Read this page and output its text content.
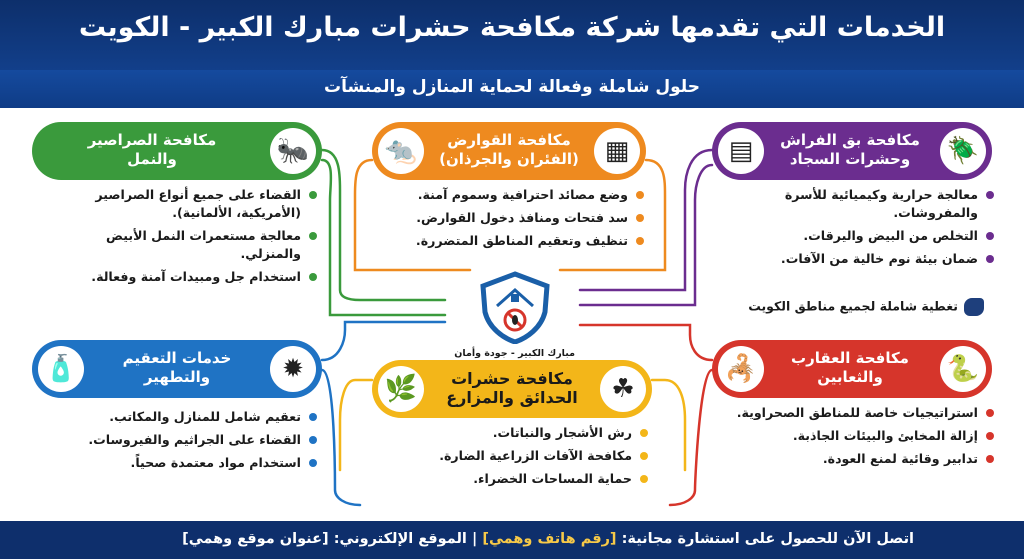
الخدمات التي تقدمها شركة مكافحة حشرات مبارك الكبير - الكويت
حلول شاملة وفعالة لحماية المنازل والمنشآت
مكافحة الصراصير
والنمل	🐜
القضاء على جميع أنواع الصراصير (الأمريكية، الألمانية).
معالجة مستعمرات النمل الأبيض والمنزلي.
استخدام جل ومبيدات آمنة وفعالة.
مكافحة القوارض
(الفئران والجرذان) ▦
🐀
وضع مصائد احترافية وسموم آمنة.
سد فتحات ومنافذ دخول القوارض.
تنظيف وتعقيم المناطق المتضررة.
مكافحة بق الفراش
وحشرات السجاد	🪲
▤
معالجة حرارية وكيميائية للأسرة والمفروشات.
التخلص من البيض واليرقات.
ضمان بيئة نوم خالية من الآفات.
تغطية شاملة لجميع مناطق الكويت
مبارك الكبير - جودة وأمان
خدمات التعقيم
والتطهير	✹
🧴
تعقيم شامل للمنازل والمكاتب.
القضاء على الجراثيم والفيروسات.
استخدام مواد معتمدة صحياً.
مكافحة حشرات
الحدائق والمزارع	☘
🌿
رش الأشجار والنباتات.
مكافحة الآفات الزراعية الضارة.
حماية المساحات الخضراء.
مكافحة العقارب
والثعابين	🐍
🦂
استراتيجيات خاصة للمناطق الصحراوية.
إزالة المخابئ والبيئات الجاذبة.
تدابير وقائية لمنع العودة.
اتصل الآن للحصول على استشارة مجانية: [رقم هاتف وهمي] | الموقع الإلكتروني: [عنوان موقع وهمي]
